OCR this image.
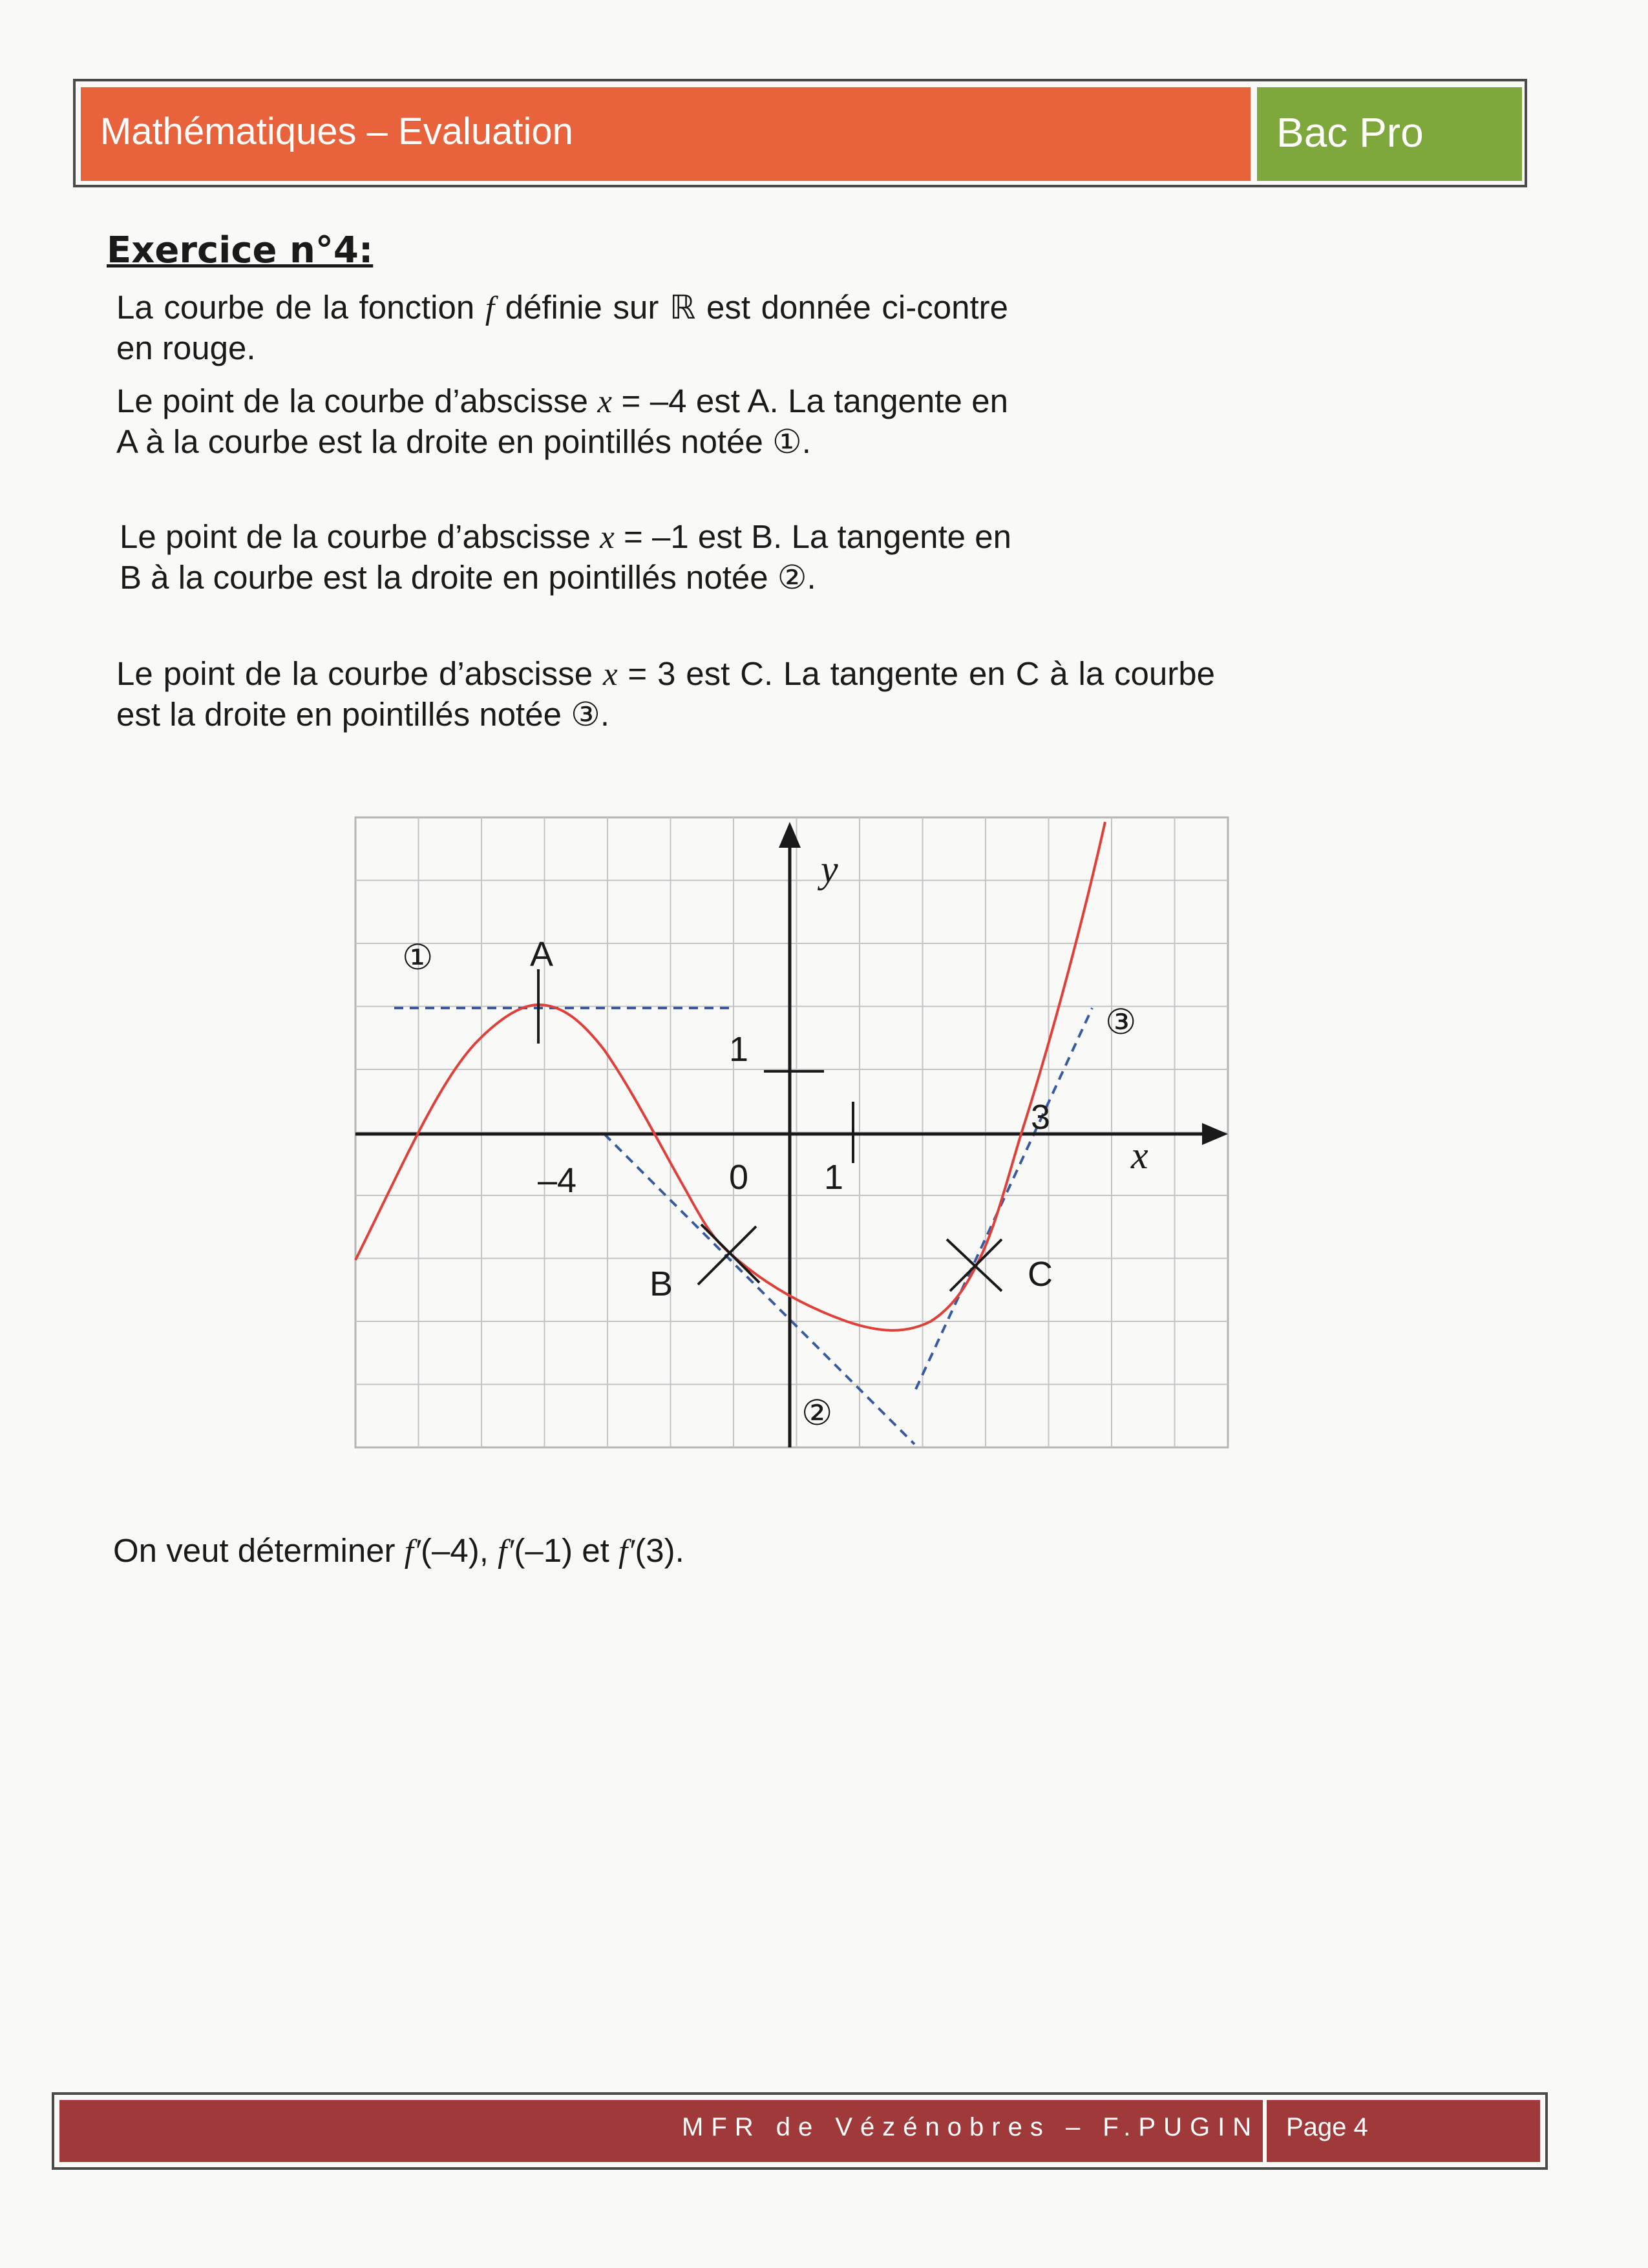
Mathématiques – Evaluation	Bac Pro
Exercice n°4:
La courbe de la fonction f définie sur ℝ est donnée ci-contre en rouge.
Le point de la courbe d’abscisse x = –4 est A. La tangente en A à la courbe est la droite en pointillés notée ①.
Le point de la courbe d’abscisse x = –1 est B. La tangente en B à la courbe est la droite en pointillés notée ②.
Le point de la courbe d’abscisse x = 3 est C. La tangente en C à la courbe est la droite en pointillés notée ③.
A
B	C
①
②
③
1
1
0
–4
3
y
x
On veut déterminer f′(–4), f′(–1) et f′(3).
MFR de Vézénobres – F.PUGIN Page 4
